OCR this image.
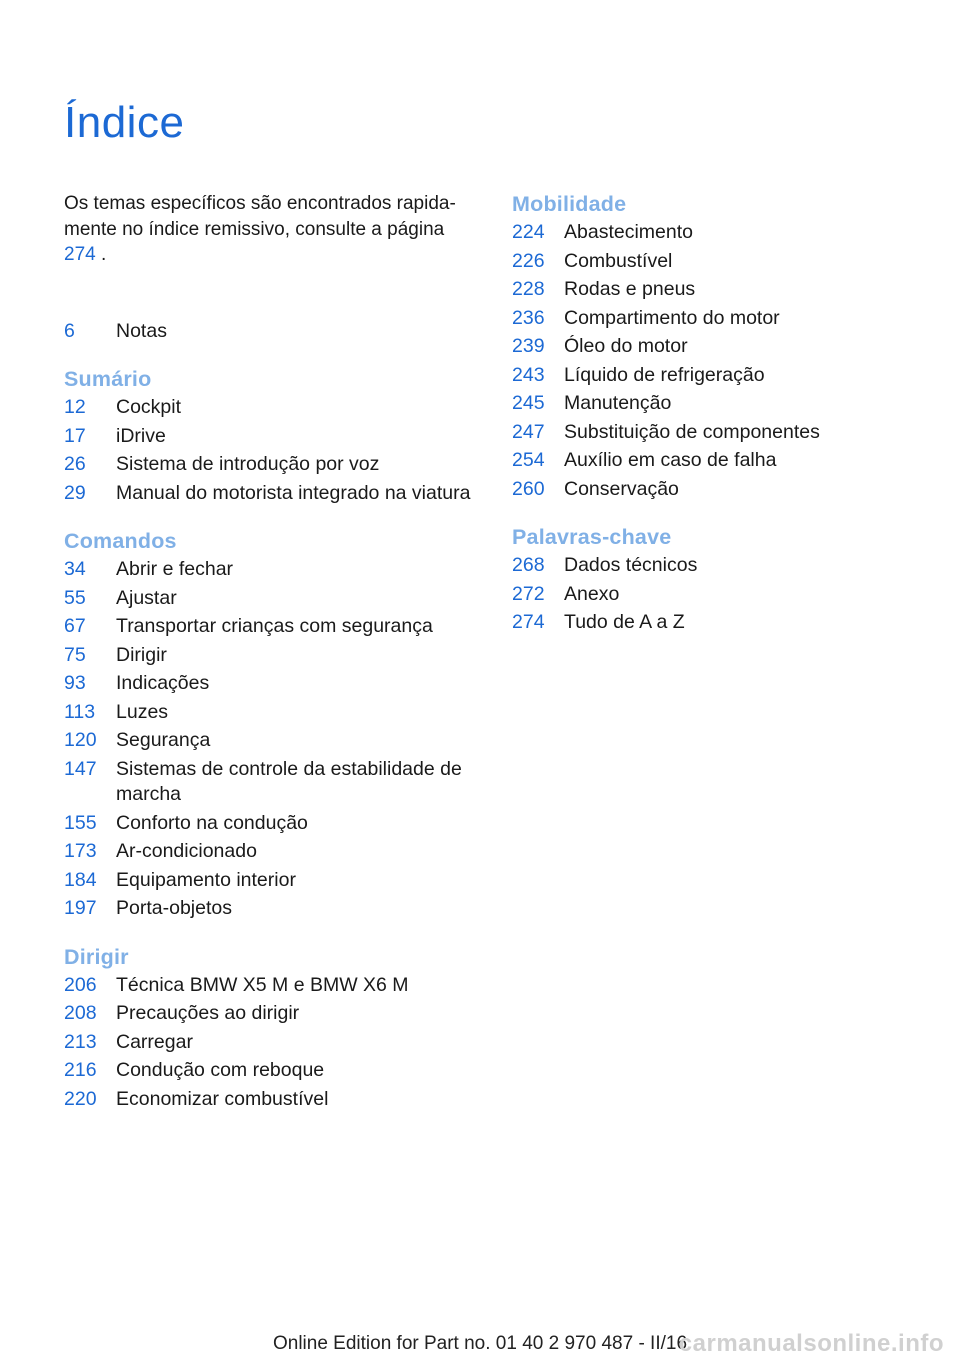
Índice

Os temas específicos são encontrados rapida-
mente no índice remissivo, consulte a página
274 .

6	Notas
Sumário
12	Cockpit
17	iDrive
26	Sistema de introdução por voz
29	Manual do motorista integrado na viatura
Comandos
34	Abrir e fechar
55	Ajustar
67	Transportar crianças com segurança
75	Dirigir
93	Indicações
113	Luzes
120 Segurança
147 Sistemas de controle da estabilidade de marcha
155 Conforto na condução
173 Ar-condicionado
184 Equipamento interior
197 Porta-objetos
Dirigir
206 Técnica BMW X5 M e BMW X6 M
208 Precauções ao dirigir
213 Carregar
216 Condução com reboque
220 Economizar combustível
Mobilidade
224 Abastecimento
226 Combustível
228 Rodas e pneus
236 Compartimento do motor
239 Óleo do motor
243 Líquido de refrigeração
245 Manutenção
247 Substituição de componentes
254 Auxílio em caso de falha
260 Conservação
Palavras-chave
268 Dados técnicos
272 Anexo
274 Tudo de A a Z
Online Edition for Part no. 01 40 2 970 487 - II/16
carmanualsonline.info
